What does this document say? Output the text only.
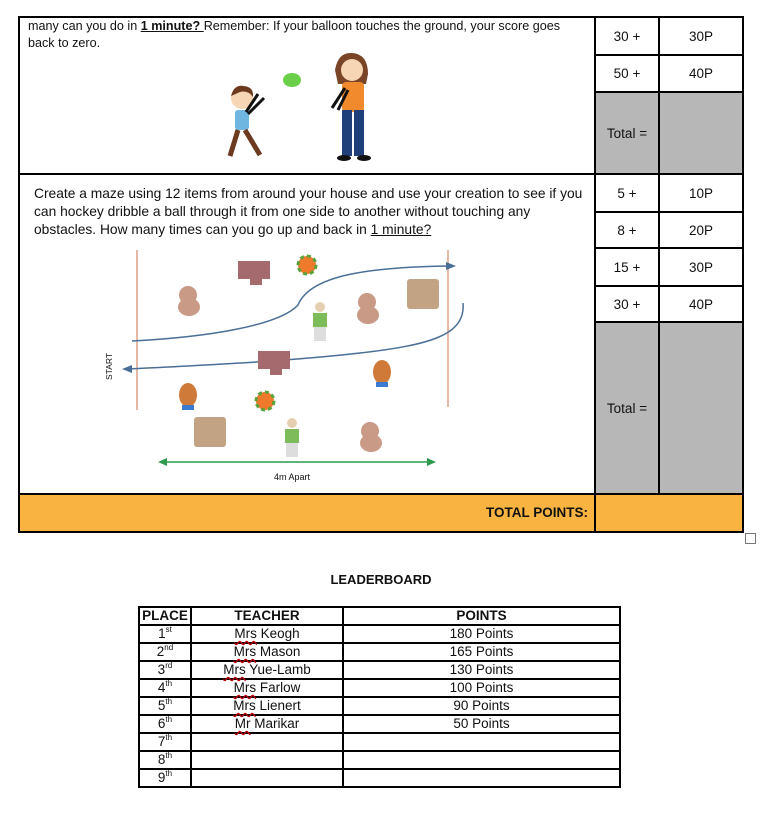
many can you do in 1 minute? Remember: If your balloon touches the ground, your score goes back to zero.
Create a maze using 12 items from around your house and use your creation to see if you can hockey dribble a ball through it from one side to another without touching any obstacles. How many times can you go up and back in 1 minute?
START
4m Apart
30 +	30P
50 +	40P
Total =
5 +	10P
8 +	20P
15 +	30P
30 +	40P
Total =
TOTAL POINTS:
LEADERBOARD
PLACE	TEACHER	POINTS
1st	Mrs Keogh	180 Points
2nd	Mrs Mason	165 Points
3rd	Mrs Yue-Lamb	130 Points
4th	Mrs Farlow	100 Points
5th	Mrs Lienert	90 Points
6th	Mr Marikar	50 Points
7th		
8th		
9th		
